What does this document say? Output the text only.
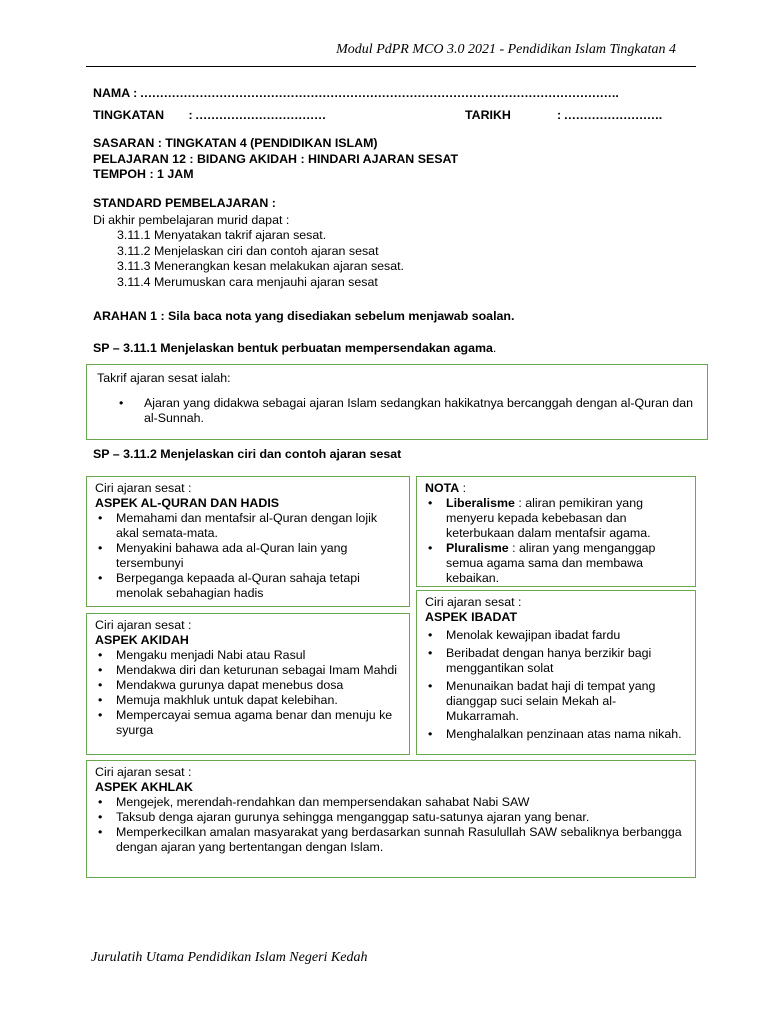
Modul PdPR MCO 3.0 2021 - Pendidikan Islam Tingkatan 4
NAMA : ………………………………………………………………………………………………………….
TINGKATAN : ……………………………	TARIKH	: …………………….
SASARAN : TINGKATAN 4 (PENDIDIKAN ISLAM)
PELAJARAN 12 : BIDANG AKIDAH : HINDARI AJARAN SESAT
TEMPOH : 1 JAM
STANDARD PEMBELAJARAN :
Di akhir pembelajaran murid dapat :
3.11.1 Menyatakan takrif ajaran sesat.
3.11.2 Menjelaskan ciri dan contoh ajaran sesat
3.11.3 Menerangkan kesan melakukan ajaran sesat.
3.11.4 Merumuskan cara menjauhi ajaran sesat
ARAHAN 1 : Sila baca nota yang disediakan sebelum menjawab soalan.
SP – 3.11.1 Menjelaskan bentuk perbuatan mempersendakan agama.
Takrif ajaran sesat ialah:
• Ajaran yang didakwa sebagai ajaran Islam sedangkan hakikatnya bercanggah dengan al-Quran dan al-Sunnah.
SP – 3.11.2 Menjelaskan ciri dan contoh ajaran sesat
Ciri ajaran sesat :
ASPEK AL-QURAN DAN HADIS
• Memahami dan mentafsir al-Quran dengan lojik akal semata-mata.
• Menyakini bahawa ada al-Quran lain yang tersembunyi
• Berpeganga kepaada al-Quran sahaja tetapi menolak sebahagian hadis
NOTA :
• Liberalisme : aliran pemikiran yang menyeru kepada kebebasan dan keterbukaan dalam mentafsir agama.
• Pluralisme : aliran yang menganggap semua agama sama dan membawa kebaikan.
Ciri ajaran sesat :
ASPEK IBADAT
• Menolak kewajipan ibadat fardu
• Beribadat dengan hanya berzikir bagi menggantikan solat
• Menunaikan badat haji di tempat yang dianggap suci selain Mekah al-Mukarramah.
• Menghalalkan penzinaan atas nama nikah.
Ciri ajaran sesat :
ASPEK AKIDAH
• Mengaku menjadi Nabi atau Rasul
• Mendakwa diri dan keturunan sebagai Imam Mahdi
• Mendakwa gurunya dapat menebus dosa
• Memuja makhluk untuk dapat kelebihan.
• Mempercayai semua agama benar dan menuju ke syurga
Ciri ajaran sesat :
ASPEK AKHLAK
• Mengejek, merendah-rendahkan dan mempersendakan sahabat Nabi SAW
• Taksub denga ajaran gurunya sehingga menganggap satu-satunya ajaran yang benar.
• Memperkecilkan amalan masyarakat yang berdasarkan sunnah Rasulullah SAW sebaliknya berbangga dengan ajaran yang bertentangan dengan Islam.
Jurulatih Utama Pendidikan Islam Negeri Kedah
